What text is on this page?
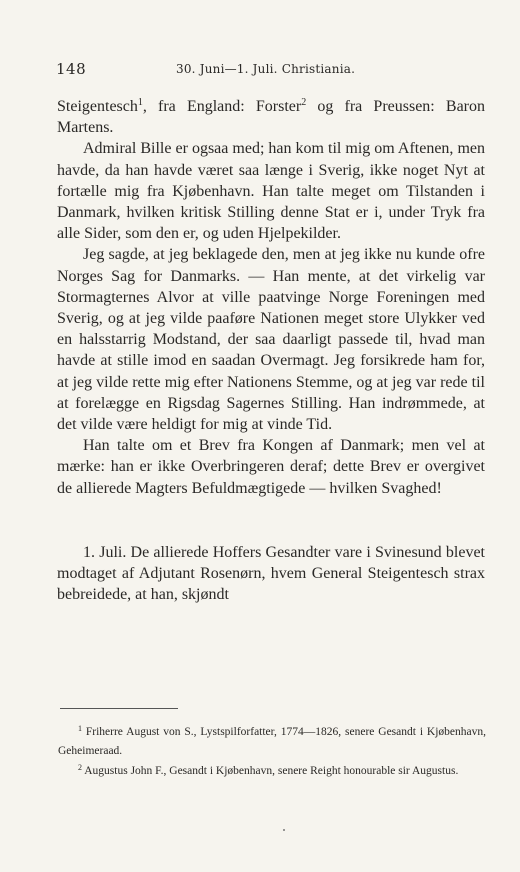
148	30. Juni—1. Juli. Christiania.

Steigentesch$^1$, fra England: Forster$^2$ og fra Preussen: Baron Martens.

Admiral Bille er ogsaa med; han kom til mig om Aftenen, men havde, da han havde været saa længe i Sverig, ikke noget Nyt at fortælle mig fra Kjøbenhavn. Han talte meget om Tilstanden i Danmark, hvilken kritisk Stilling denne Stat er i, under Tryk fra alle Sider, som den er, og uden Hjelpekilder.

Jeg sagde, at jeg beklagede den, men at jeg ikke nu kunde ofre Norges Sag for Danmarks. — Han mente, at det virkelig var Stormagternes Alvor at ville paatvinge Norge Foreningen med Sverig, og at jeg vilde paaføre Nationen meget store Ulykker ved en halsstarrig Modstand, der saa daarligt passede til, hvad man havde at stille imod en saadan Overmagt. Jeg forsikrede ham for, at jeg vilde rette mig efter Nationens Stemme, og at jeg var rede til at forelægge en Rigsdag Sagernes Stilling. Han indrømmede, at det vilde være heldigt for mig at vinde Tid.

Han talte om et Brev fra Kongen af Danmark; men vel at mærke: han er ikke Overbringeren deraf; dette Brev er overgivet de allierede Magters Befuldmægtigede — hvilken Svaghed!

1. Juli. De allierede Hoffers Gesandter vare i Svinesund blevet modtaget af Adjutant Rosenørn, hvem General Steigentesch strax bebreidede, at han, skjøndt

$^1$ Friherre August von S., Lystspilforfatter, 1774—1826, senere Gesandt i Kjøbenhavn, Geheimeraad.

$^2$ Augustus John F., Gesandt i Kjøbenhavn, senere Reight honourable sir Augustus.
